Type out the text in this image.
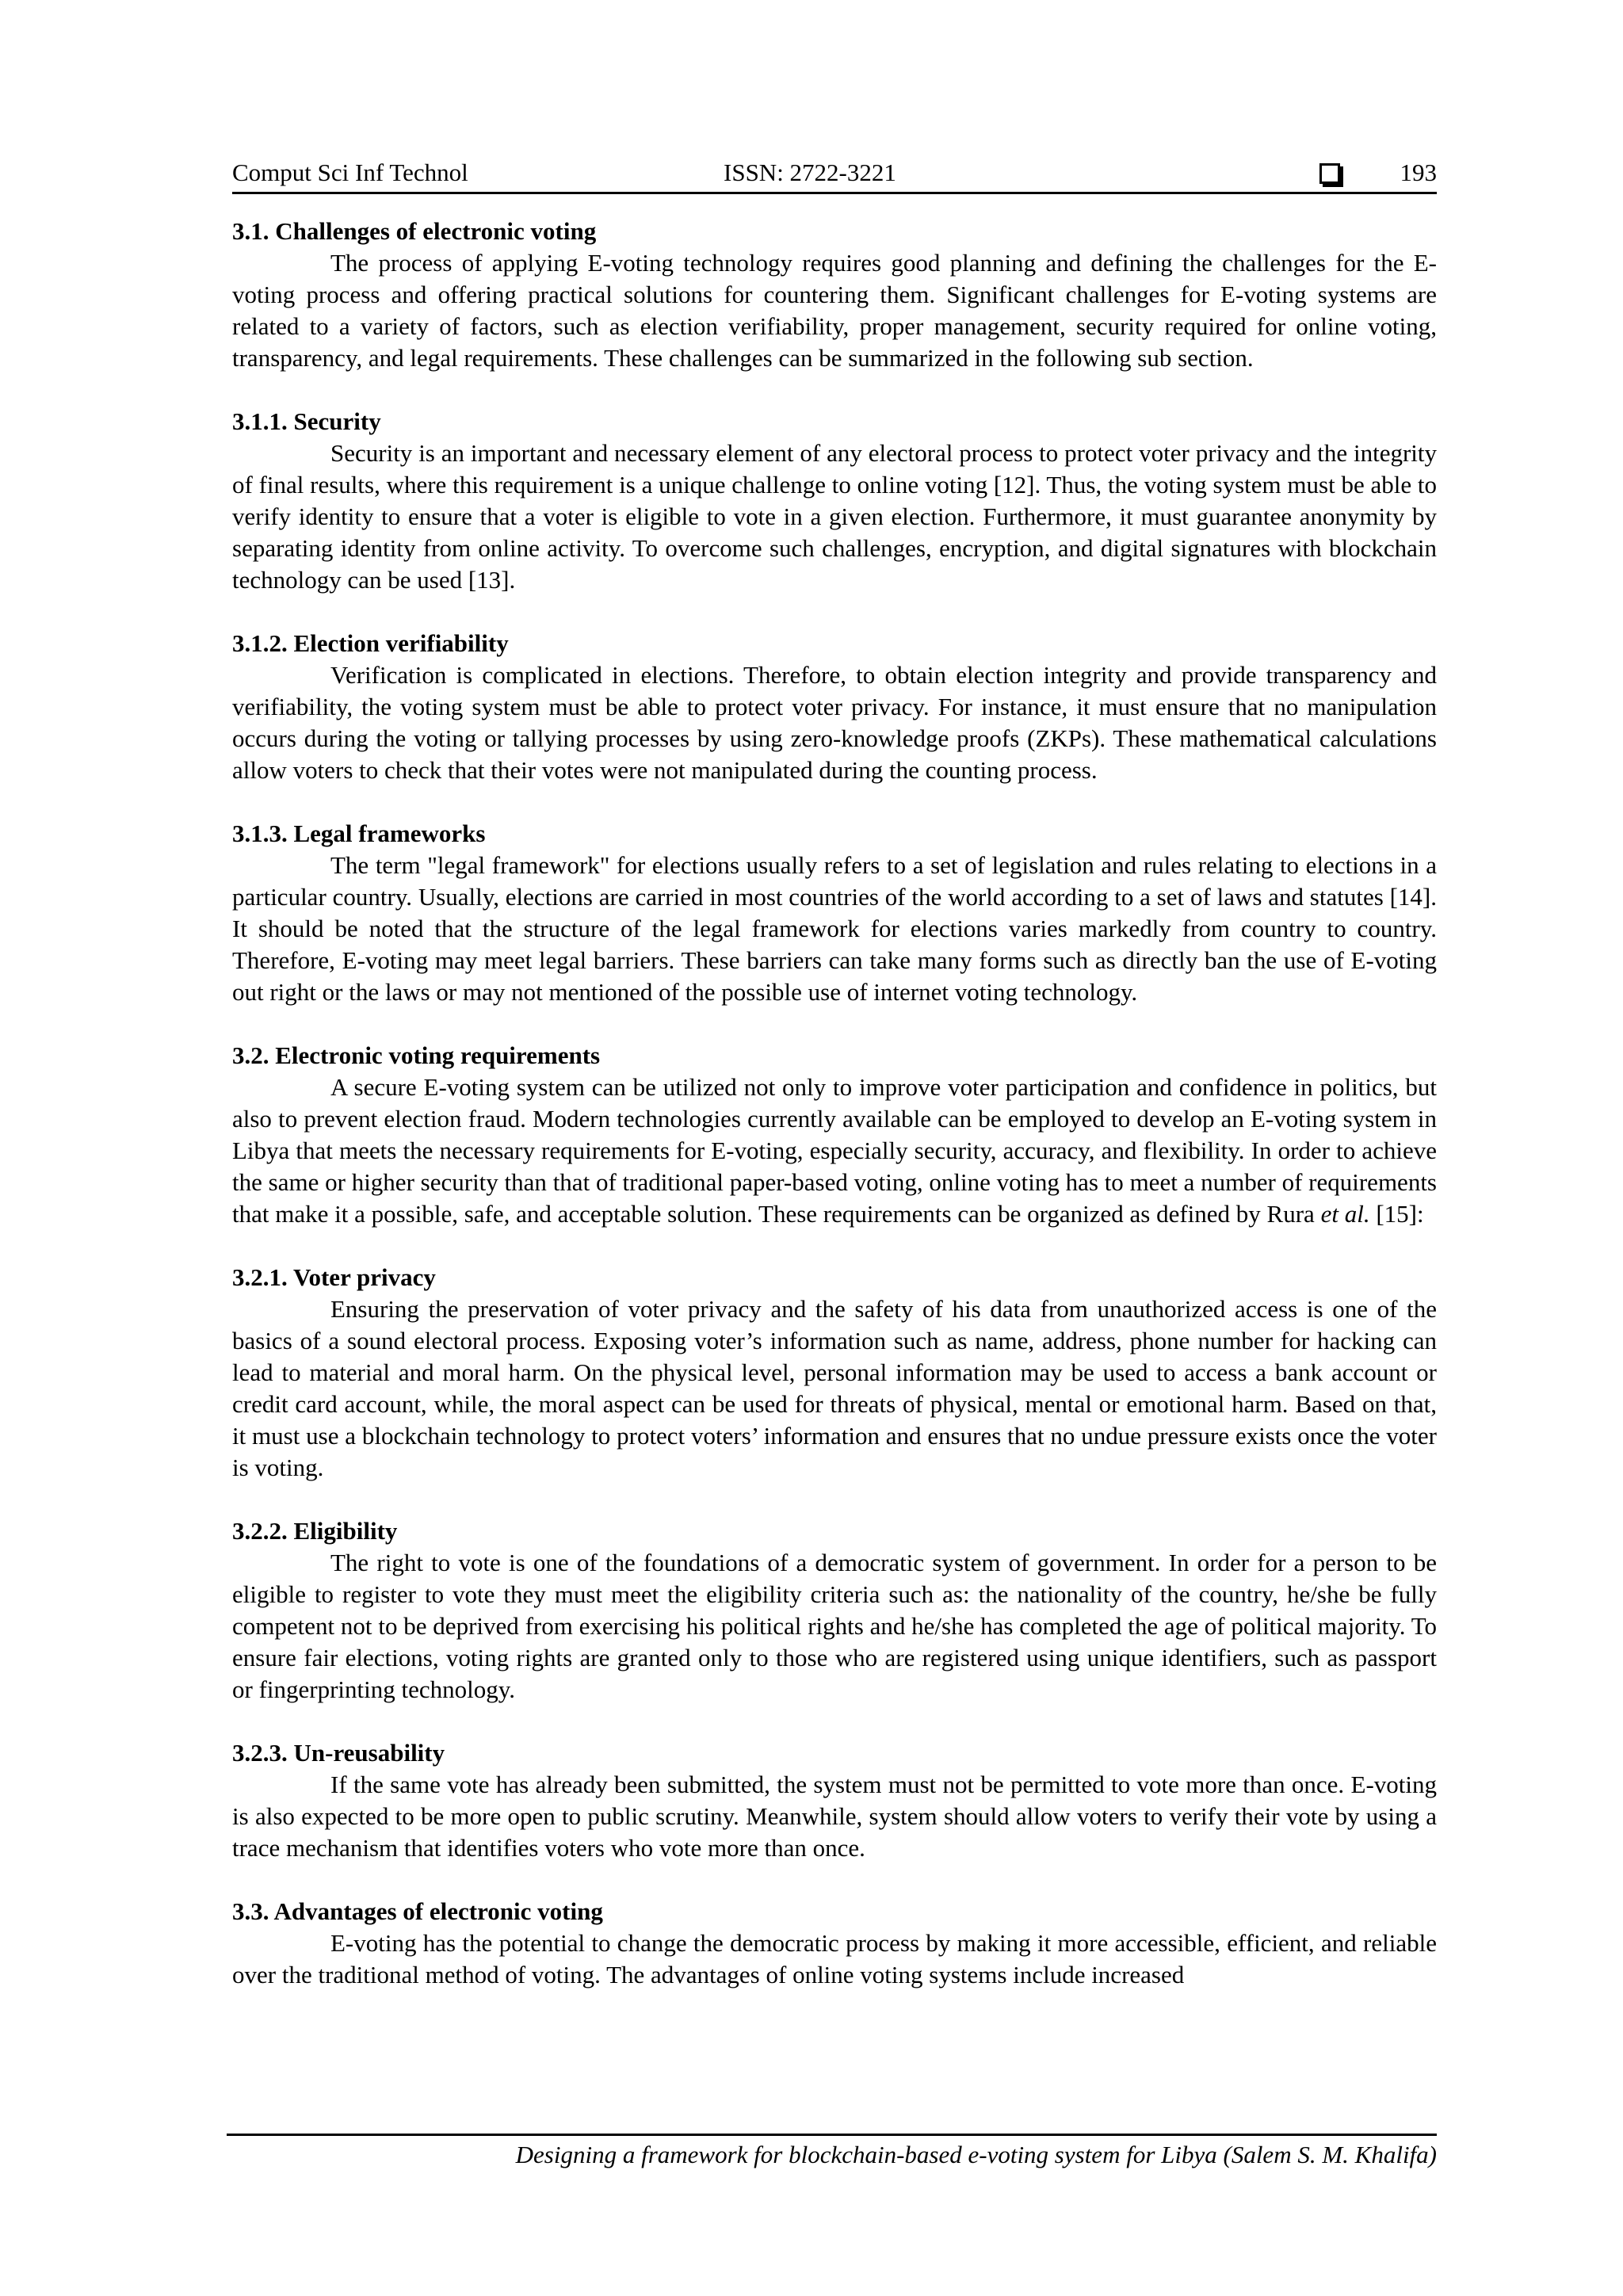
Comput Sci Inf Technol	ISSN: 2722-3221	193

3.1. Challenges of electronic voting

The process of applying E-voting technology requires good planning and defining the challenges for the E-voting process and offering practical solutions for countering them. Significant challenges for E-voting systems are related to a variety of factors, such as election verifiability, proper management, security required for online voting, transparency, and legal requirements. These challenges can be summarized in the following sub section.

3.1.1. Security

Security is an important and necessary element of any electoral process to protect voter privacy and the integrity of final results, where this requirement is a unique challenge to online voting [12]. Thus, the voting system must be able to verify identity to ensure that a voter is eligible to vote in a given election. Furthermore, it must guarantee anonymity by separating identity from online activity. To overcome such challenges, encryption, and digital signatures with blockchain technology can be used [13].

3.1.2. Election verifiability

Verification is complicated in elections. Therefore, to obtain election integrity and provide transparency and verifiability, the voting system must be able to protect voter privacy. For instance, it must ensure that no manipulation occurs during the voting or tallying processes by using zero-knowledge proofs (ZKPs). These mathematical calculations allow voters to check that their votes were not manipulated during the counting process.

3.1.3. Legal frameworks

The term "legal framework" for elections usually refers to a set of legislation and rules relating to elections in a particular country. Usually, elections are carried in most countries of the world according to a set of laws and statutes [14]. It should be noted that the structure of the legal framework for elections varies markedly from country to country. Therefore, E-voting may meet legal barriers. These barriers can take many forms such as directly ban the use of E-voting out right or the laws or may not mentioned of the possible use of internet voting technology.

3.2. Electronic voting requirements

A secure E-voting system can be utilized not only to improve voter participation and confidence in politics, but also to prevent election fraud. Modern technologies currently available can be employed to develop an E-voting system in Libya that meets the necessary requirements for E-voting, especially security, accuracy, and flexibility. In order to achieve the same or higher security than that of traditional paper-based voting, online voting has to meet a number of requirements that make it a possible, safe, and acceptable solution. These requirements can be organized as defined by Rura et al. [15]:

3.2.1. Voter privacy

Ensuring the preservation of voter privacy and the safety of his data from unauthorized access is one of the basics of a sound electoral process. Exposing voter’s information such as name, address, phone number for hacking can lead to material and moral harm. On the physical level, personal information may be used to access a bank account or credit card account, while, the moral aspect can be used for threats of physical, mental or emotional harm. Based on that, it must use a blockchain technology to protect voters’ information and ensures that no undue pressure exists once the voter is voting.

3.2.2. Eligibility

The right to vote is one of the foundations of a democratic system of government. In order for a person to be eligible to register to vote they must meet the eligibility criteria such as: the nationality of the country, he/she be fully competent not to be deprived from exercising his political rights and he/she has completed the age of political majority. To ensure fair elections, voting rights are granted only to those who are registered using unique identifiers, such as passport or fingerprinting technology.

3.2.3. Un-reusability

If the same vote has already been submitted, the system must not be permitted to vote more than once. E-voting is also expected to be more open to public scrutiny. Meanwhile, system should allow voters to verify their vote by using a trace mechanism that identifies voters who vote more than once.

3.3. Advantages of electronic voting

E-voting has the potential to change the democratic process by making it more accessible, efficient, and reliable over the traditional method of voting. The advantages of online voting systems include increased

Designing a framework for blockchain-based e-voting system for Libya (Salem S. M. Khalifa)
